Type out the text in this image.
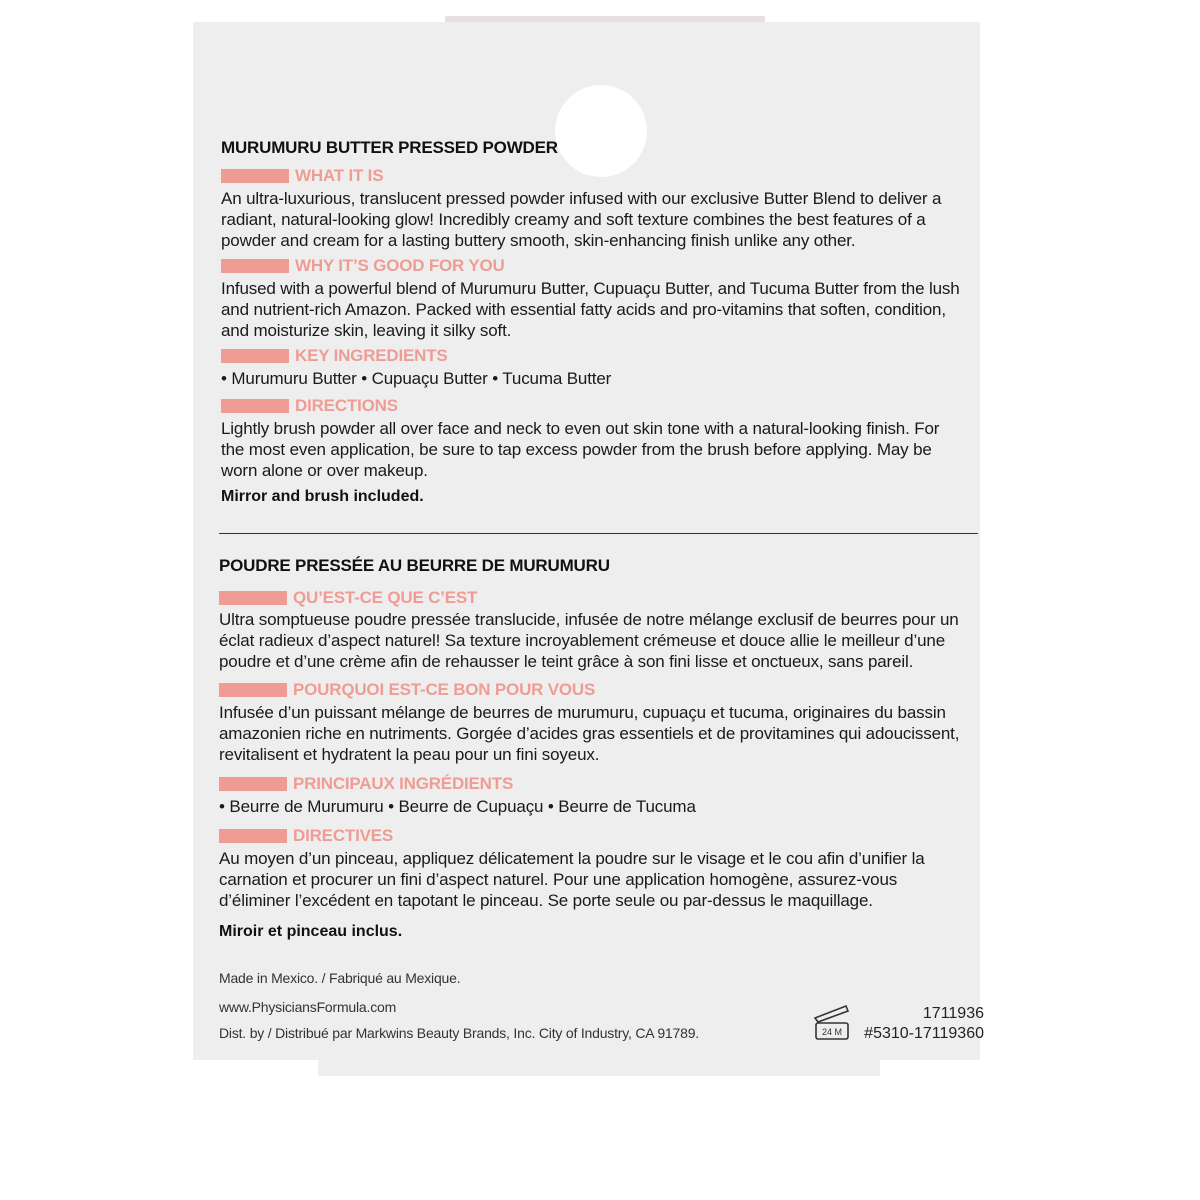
MURUMURU BUTTER PRESSED POWDER
WHAT IT IS
An ultra-luxurious, translucent pressed powder infused with our exclusive Butter Blend to deliver a
radiant, natural-looking glow! Incredibly creamy and soft texture combines the best features of a
powder and cream for a lasting buttery smooth, skin-enhancing finish unlike any other.
WHY IT’S GOOD FOR YOU
Infused with a powerful blend of Murumuru Butter, Cupuaçu Butter, and Tucuma Butter from the lush
and nutrient-rich Amazon. Packed with essential fatty acids and pro-vitamins that soften, condition,
and moisturize skin, leaving it silky soft.
KEY INGREDIENTS
• Murumuru Butter • Cupuaçu Butter • Tucuma Butter
DIRECTIONS
Lightly brush powder all over face and neck to even out skin tone with a natural-looking finish. For
the most even application, be sure to tap excess powder from the brush before applying. May be
worn alone or over makeup.
Mirror and brush included.
POUDRE PRESSÉE AU BEURRE DE MURUMURU
QU’EST-CE QUE C’EST
Ultra somptueuse poudre pressée translucide, infusée de notre mélange exclusif de beurres pour un
éclat radieux d’aspect naturel! Sa texture incroyablement crémeuse et douce allie le meilleur d’une
poudre et d’une crème afin de rehausser le teint grâce à son fini lisse et onctueux, sans pareil.
POURQUOI EST-CE BON POUR VOUS
Infusée d’un puissant mélange de beurres de murumuru, cupuaçu et tucuma, originaires du bassin
amazonien riche en nutriments. Gorgée d’acides gras essentiels et de provitamines qui adoucissent,
revitalisent et hydratent la peau pour un fini soyeux.
PRINCIPAUX INGRÉDIENTS
• Beurre de Murumuru • Beurre de Cupuaçu • Beurre de Tucuma
DIRECTIVES
Au moyen d’un pinceau, appliquez délicatement la poudre sur le visage et le cou afin d’unifier la
carnation et procurer un fini d’aspect naturel. Pour une application homogène, assurez-vous
d’éliminer l’excédent en tapotant le pinceau. Se porte seule ou par-dessus le maquillage.
Miroir et pinceau inclus.
Made in Mexico. / Fabriqué au Mexique.
www.PhysiciansFormula.com
Dist. by / Distribué par Markwins Beauty Brands, Inc. City of Industry, CA 91789.	24 M
1711936
#5310-17119360
